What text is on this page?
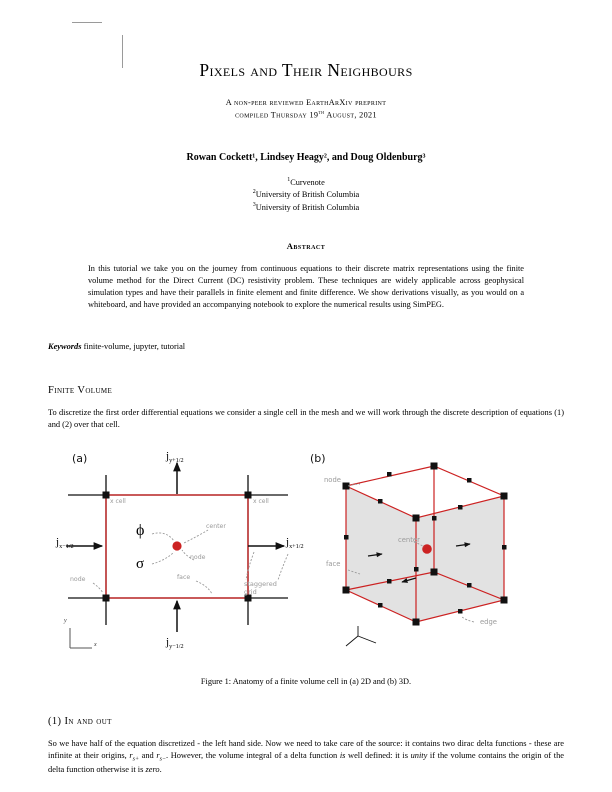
Pixels and Their Neighbours
A non-peer reviewed EarthArXiv preprint
compiled Thursday 19th August, 2021
Rowan Cockett¹, Lindsey Heagy², and Doug Oldenburg³
$^1$Curvenote
$^2$University of British Columbia
$^3$University of British Columbia
Abstract
In this tutorial we take you on the journey from continuous equations to their discrete matrix representations using the finite volume method for the Direct Current (DC) resistivity problem. These techniques are widely applicable across geophysical simulation types and have their parallels in finite element and finite difference. We show derivations visually, as you would on a whiteboard, and have provided an accompanying notebook to explore the numerical results using SimPEG.
Keywords finite-volume, jupyter, tutorial
Finite Volume
To discretize the first order differential equations we consider a single cell in the mesh and we will work through the discrete description of equations (1) and (2) over that cell.
(a)	(b)
$j_{x-1/2}$	$j_{x+1/2}$
$j_{y+1/2}$
$j_{y-1/2}$
ϕ
σ
x cell	x cell
center
node
node	face
staggered
grid
y
x
node
center
face
edge
Figure 1: Anatomy of a finite volume cell in (a) 2D and (b) 3D.
(1) In and out
So we have half of the equation discretized - the left hand side. Now we need to take care of the source: it contains two dirac delta functions - these are infinite at their origins, $r_{s+}$ and $r_{s-}$. However, the volume integral of a delta function is well defined: it is unity if the volume contains the origin of the delta function otherwise it is zero.
